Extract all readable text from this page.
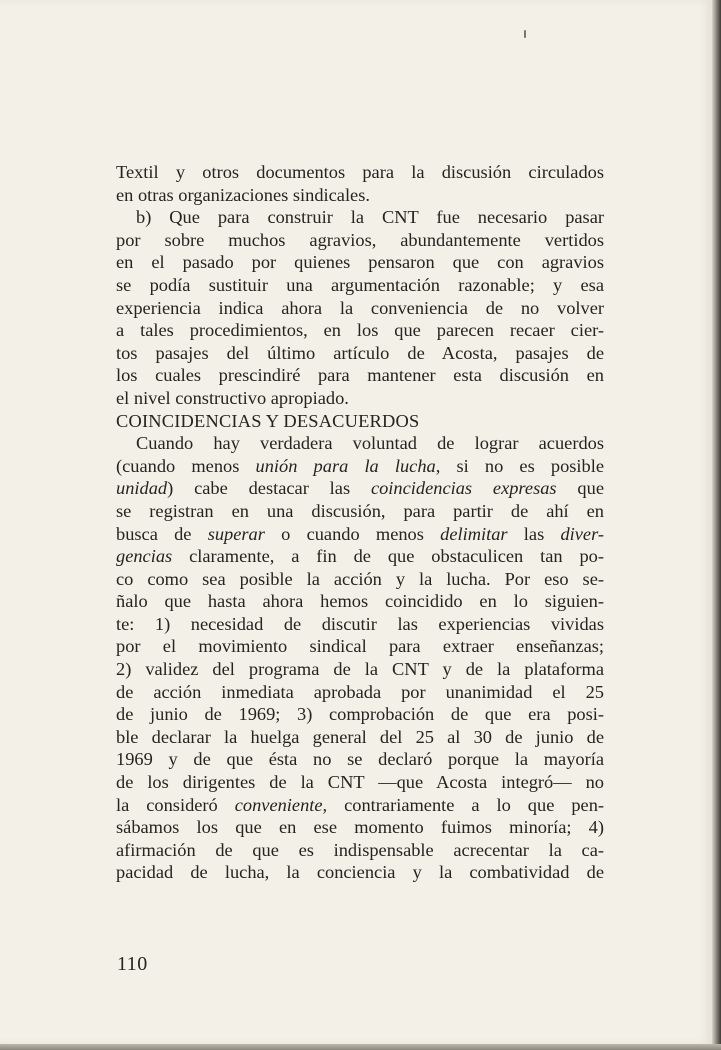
Textil y otros documentos para la discusión circulados

en otras organizaciones sindicales.

b) Que para construir la CNT fue necesario pasar

por sobre muchos agravios, abundantemente vertidos

en el pasado por quienes pensaron que con agravios

se podía sustituir una argumentación razonable; y esa

experiencia indica ahora la conveniencia de no volver

a tales procedimientos, en los que parecen recaer cier-

tos pasajes del último artículo de Acosta, pasajes de

los cuales prescindiré para mantener esta discusión en

el nivel constructivo apropiado.

COINCIDENCIAS Y DESACUERDOS

Cuando hay verdadera voluntad de lograr acuerdos

(cuando menos unión para la lucha, si no es posible

unidad) cabe destacar las coincidencias expresas que

se registran en una discusión, para partir de ahí en

busca de superar o cuando menos delimitar las diver-

gencias claramente, a fin de que obstaculicen tan po-

co como sea posible la acción y la lucha. Por eso se-

ñalo que hasta ahora hemos coincidido en lo siguien-

te: 1) necesidad de discutir las experiencias vividas

por el movimiento sindical para extraer enseñanzas;

2) validez del programa de la CNT y de la plataforma

de acción inmediata aprobada por unanimidad el 25

de junio de 1969; 3) comprobación de que era posi-

ble declarar la huelga general del 25 al 30 de junio de

1969 y de que ésta no se declaró porque la mayoría

de los dirigentes de la CNT —que Acosta integró— no

la consideró conveniente, contrariamente a lo que pen-

sábamos los que en ese momento fuimos minoría; 4)

afirmación de que es indispensable acrecentar la ca-

pacidad de lucha, la conciencia y la combatividad de

110
